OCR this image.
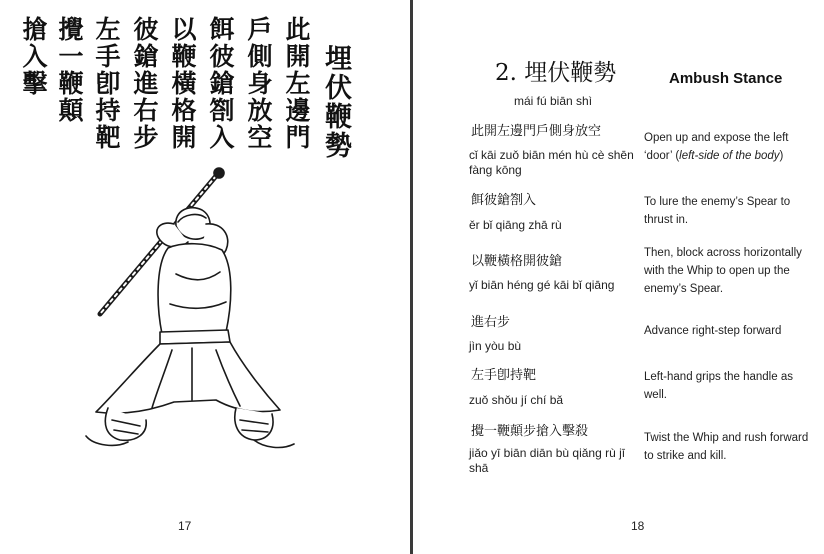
埋伏鞭勢
此開左邊門
戶側身放空
餌彼鎗劄入
以鞭橫格開
彼鎗進右步
左手卽持靶
攪一鞭顛
搶入擊
17
2. 埋伏鞭勢
mái fú biān shì
Ambush Stance
此開左邊門戶側身放空
cǐ kāi zuǒ biān mén hù cè shēn fàng kōng
Open up and expose the left ‘door’ (left-side of the body)
餌彼鎗劄入
ěr bǐ qiāng zhā rù
To lure the enemy’s Spear to thrust in.
以鞭橫格開彼鎗
yǐ biān héng gé kāi bǐ qiāng
Then, block across horizontally with the Whip to open up the enemy’s Spear.
進右步
jìn yòu bù
Advance right-step forward
左手卽持靶
zuǒ shǒu jí chí bǎ
Left-hand grips the handle as well.
攪一鞭顛步搶入擊殺
jiǎo yī biān diān bù qiǎng rù jī shā
Twist the Whip and rush forward to strike and kill.
18
